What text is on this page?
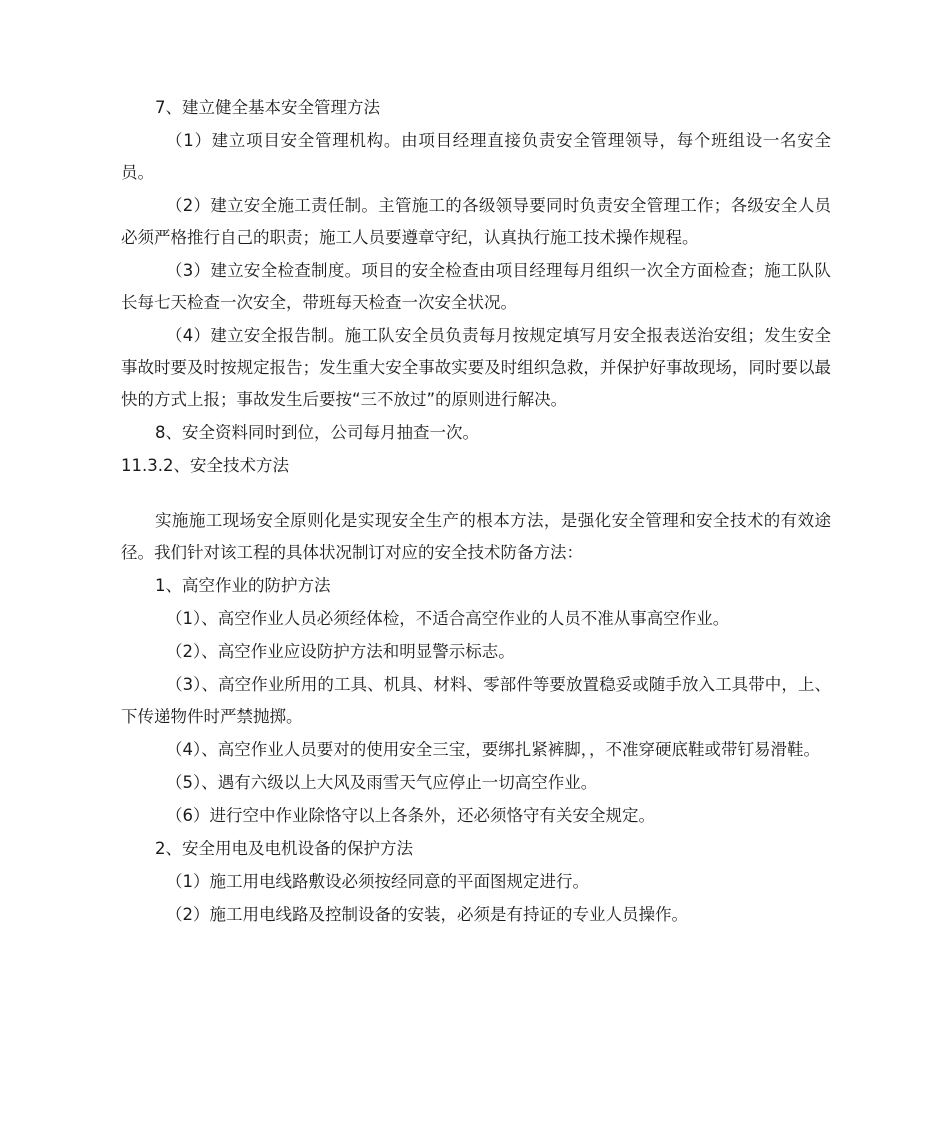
7、建立健全基本安全管理方法

（1）建立项目安全管理机构。由项目经理直接负责安全管理领导，每个班组设一名安全员。

（2）建立安全施工责任制。主管施工的各级领导要同时负责安全管理工作；各级安全人员必须严格推行自己的职责；施工人员要遵章守纪，认真执行施工技术操作规程。

（3）建立安全检查制度。项目的安全检查由项目经理每月组织一次全方面检查；施工队队长每七天检查一次安全，带班每天检查一次安全状况。

（4）建立安全报告制。施工队安全员负责每月按规定填写月安全报表送治安组；发生安全事故时要及时按规定报告；发生重大安全事故实要及时组织急救，并保护好事故现场，同时要以最快的方式上报；事故发生后要按“三不放过”的原则进行解决。

8、安全资料同时到位，公司每月抽查一次。

11.3.2、安全技术方法

实施施工现场安全原则化是实现安全生产的根本方法，是强化安全管理和安全技术的有效途径。我们针对该工程的具体状况制订对应的安全技术防备方法：

1、高空作业的防护方法

（1）、高空作业人员必须经体检，不适合高空作业的人员不准从事高空作业。

（2）、高空作业应设防护方法和明显警示标志。

（3）、高空作业所用的工具、机具、材料、零部件等要放置稳妥或随手放入工具带中，上、下传递物件时严禁抛掷。

（4）、高空作业人员要对的使用安全三宝，要绑扎紧裤脚，，不准穿硬底鞋或带钉易滑鞋。

（5）、遇有六级以上大风及雨雪天气应停止一切高空作业。

（6）进行空中作业除恪守以上各条外，还必须恪守有关安全规定。

2、安全用电及电机设备的保护方法

（1）施工用电线路敷设必须按经同意的平面图规定进行。

（2）施工用电线路及控制设备的安装，必须是有持证的专业人员操作。
